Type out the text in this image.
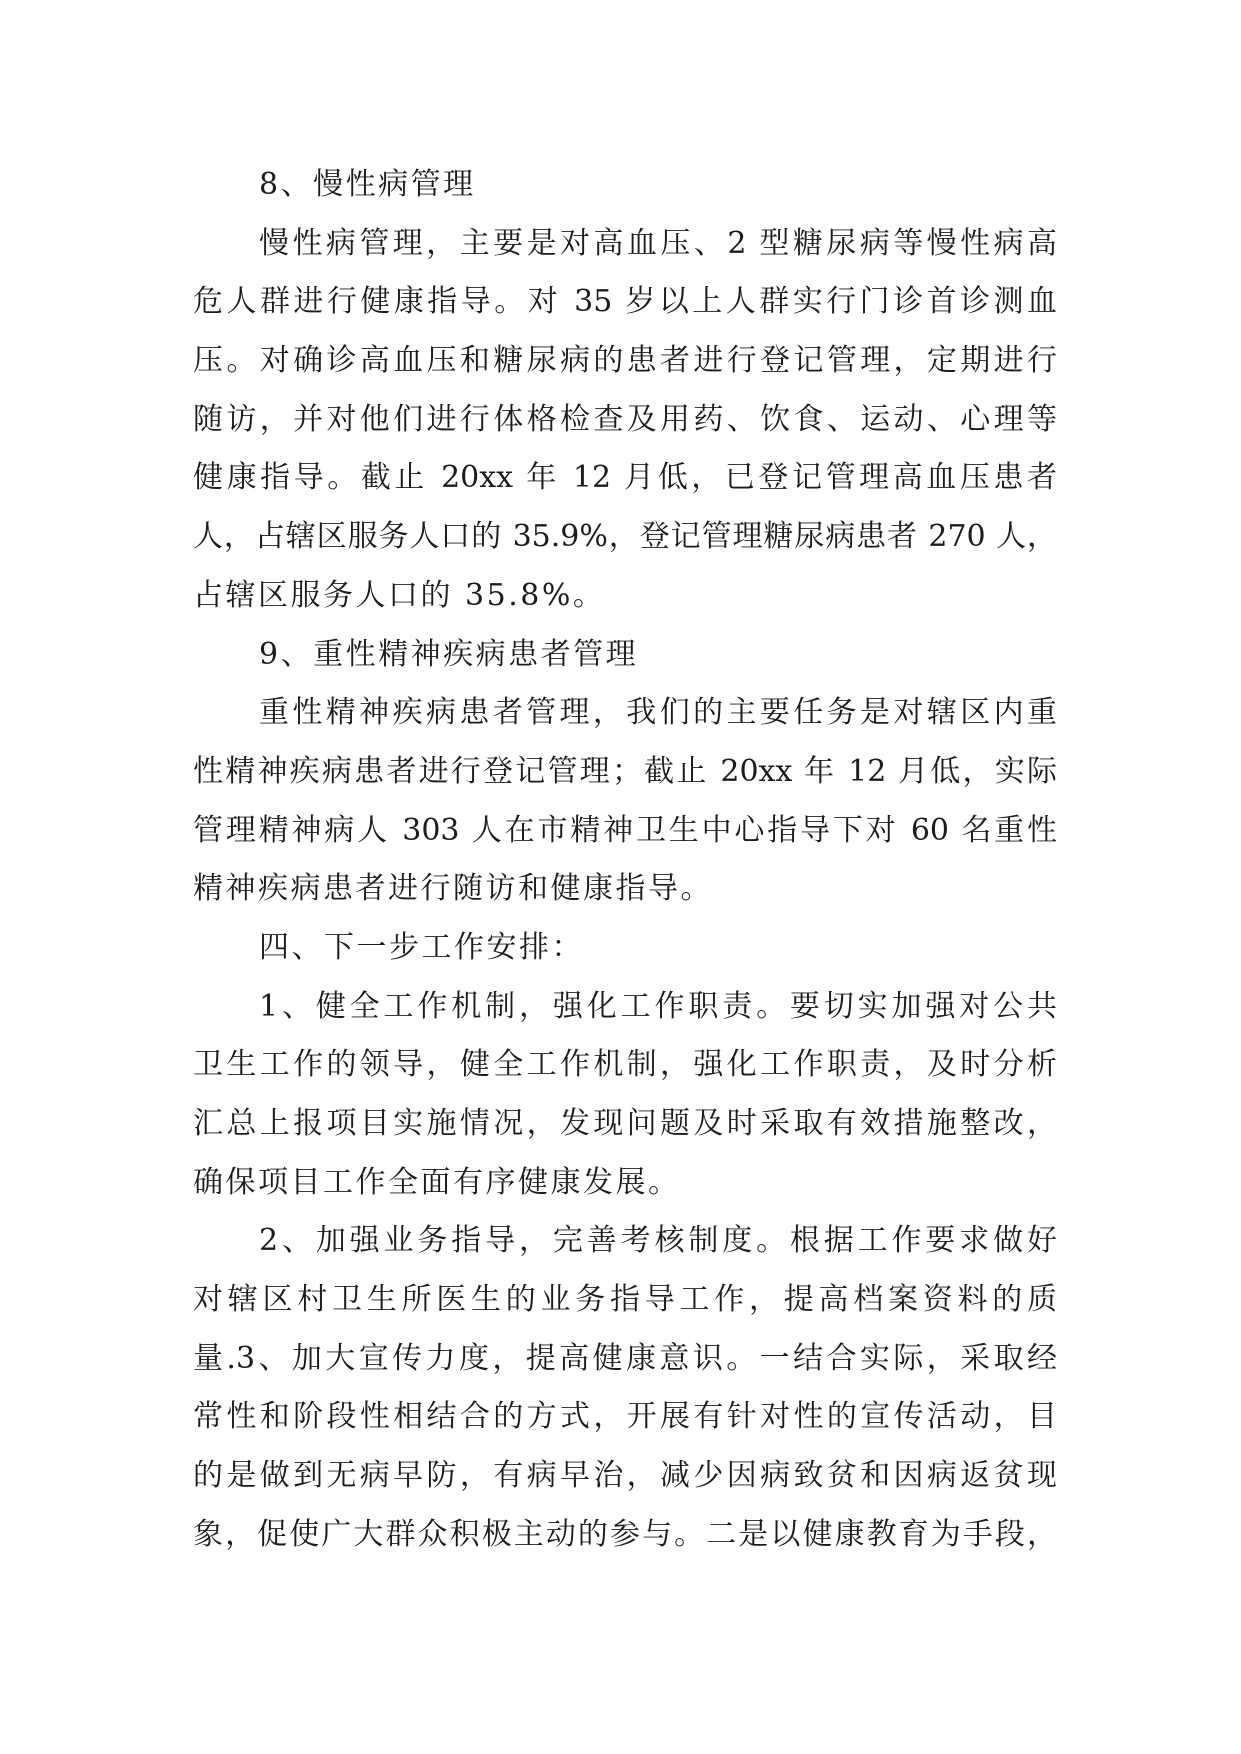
8、慢性病管理
慢性病管理，主要是对高血压、2 型糖尿病等慢性病高
危人群进行健康指导。对 35 岁以上人群实行门诊首诊测血
压。对确诊高血压和糖尿病的患者进行登记管理，定期进行
随访，并对他们进行体格检查及用药、饮食、运动、心理等
健康指导。截止 20xx 年 12 月低，已登记管理高血压患者
人，占辖区服务人口的 35.9%，登记管理糖尿病患者 270 人，
占辖区服务人口的 35.8%。
9、重性精神疾病患者管理
重性精神疾病患者管理，我们的主要任务是对辖区内重
性精神疾病患者进行登记管理；截止 20xx 年 12 月低，实际
管理精神病人 303 人在市精神卫生中心指导下对 60 名重性
精神疾病患者进行随访和健康指导。
四、下一步工作安排：
1、健全工作机制，强化工作职责。要切实加强对公共
卫生工作的领导，健全工作机制，强化工作职责，及时分析
汇总上报项目实施情况，发现问题及时采取有效措施整改，
确保项目工作全面有序健康发展。
2、加强业务指导，完善考核制度。根据工作要求做好
对辖区村卫生所医生的业务指导工作，提高档案资料的质
量.3、加大宣传力度，提高健康意识。一结合实际，采取经
常性和阶段性相结合的方式，开展有针对性的宣传活动，目
的是做到无病早防，有病早治，减少因病致贫和因病返贫现
象，促使广大群众积极主动的参与。二是以健康教育为手段，
